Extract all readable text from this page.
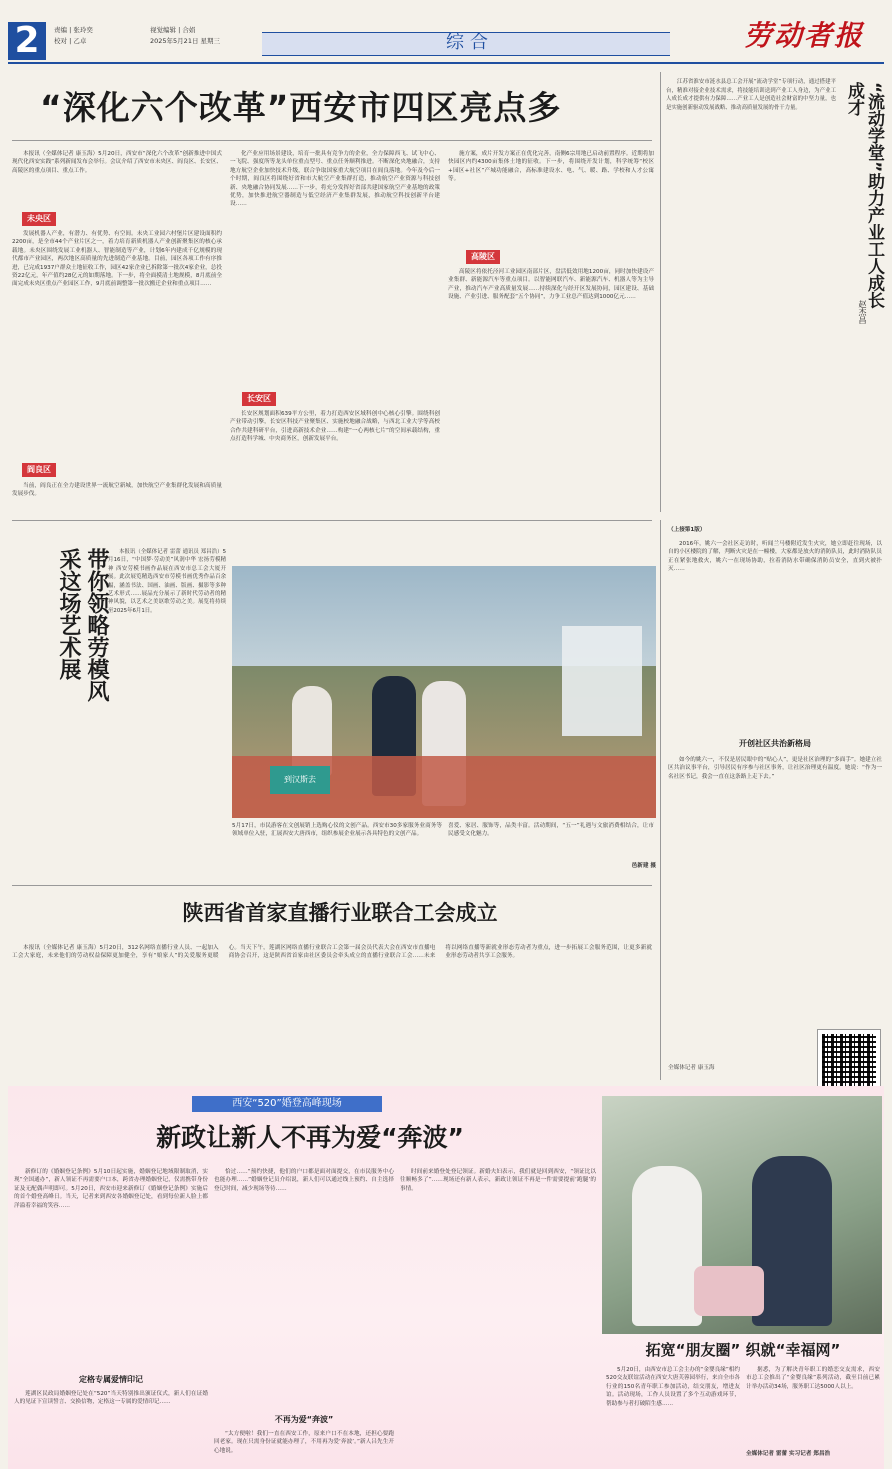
2	责编 | 张玲奕
校对 | 乙卓
视觉编辑 | 合娟
2025年5月21日 星期三	综合	劳动者报
“深化六个改革”西安市四区亮点多

本报讯（全媒体记者 康玉海）5月20日，西安市“深化六个改革”创新推进中国式现代化西安实践”系列新闻发布会举行。会议介绍了西安市未央区、阎良区、长安区、高陵区的重点项目、重点工作。

未央区

发展机器人产业，有潜力、有优势、有空间。未央工业园六村堡片区建设面积约2200亩，是全市44个产业片区之一，着力培育新质机器人产业创新聚集区的核心承载地。未央区围绕发展工业机器人、智能制造等产业，计划6年内建成千亿规模的现代都市产业园区，两次地区高质量的先进制造产业基地。目前，园区各项工作有序推进，已完成1937户群众土地征收工作，园区42家企业已拆除第一批次4家企业，总投资22亿元，年产值约28亿元的如期落地。下一步，将全面摸清土地规模，8月底前全面完成未央区重点产业园区工作，9月底前调整第一批次搬迁企业和重点项目……

阎良区

当前，阎良正在全力建设世界一流航空新城，加快航空产业集群化发展和高质量发展步伐。

化产业应用场景建设，培育一批具有竞争力的企业，全力保障西飞、试飞中心、一飞院、强度所等龙头单位重点型号、重点任务顺利推进。不断深化央地融合，支持地方航空企业加快技术升级，联合争取国家重大航空项目在阎良落地。今年及今后一个时期，阎良区将围绕好省和市大航空产业集群打造，推动航空产业资源与科技创新、央地融合协同发展……下一步，将充分发挥好省部共建国家航空产业基地的政策优势，加快推进航空器制造与低空经济产业集群发展，推动航空科技创新平台建设……

长安区

长安区规划面积639平方公里，着力打造西安区域科创中心核心引擎。围绕科创产业带动引擎，长安区科技产业聚集区、实施校地融合战略，与西北工业大学等高校合作共建科研平台，引进高新技术企业……构建“一心两核七片”的空间承载结构，重点打造科学城、中央商务区，创新发展平台。

施方案，成片开发方案正在优化完善，南侧6宗用地已启动前置程序。近期将加快园区内约4300亩集体土地的征收。下一步，将围绕开发计划，科学统筹“校区+园区+社区”产城功能融合，高标准建设水、电、气、暖、路、学校和人才公寓等。

高陵区

高陵区将依托泾河工业园区南部片区，盘活低效用地1200亩，同时加快建设产业集群、新能源汽车等重点项目。以智能网联汽车、新能源汽车、机器人等为主导产业，推动汽车产业高质量发展……持续深化与经开区发展协同，园区建设、基础设施、产业引进、服务配套“五个协同”，力争工业总产值达到1000亿元……

江苏省淮安市涟水县总工会开展“流动学堂”专项行动，通过搭建平台，精准对接企业技术需求，将技能培训送到产业工人身边，为产业工人成长成才提供有力保障……产业工人是创造社会财富的中坚力量，也是实施创新驱动发展战略、推动高质量发展的骨干力量。	“流动学堂”助力产业工人成长成才
赵杰昌
带你领略劳模风采这场艺术展	本报讯（全媒体记者 雷蕾 通讯员 郑昌浩）5月16日，“中国梦·劳动美”风润中华 宏扬劳模精神 西安劳模书画作品展在西安市总工会大厦开展。此次展览精选西安市劳模书画优秀作品百余幅，涵盖书法、国画、油画、版画、摄影等多种艺术形式……展品充分展示了新时代劳动者的精神风貌，以艺术之美讴歌劳动之美。展览将持续至2025年6月1日。

到汉斯去
5月17日，市民游客在文创展销上选购心仪的文创产品。西安市30多家服务业商务等领域单位入驻，汇展西安大唐西市，组织参展企业展示各具特色的文创产品。
喜爱、家居、服饰等，品类丰富。活动期间，“五一”礼遇与文旅消费相结合，让市民感受文化魅力。
邑新建 摄
陕西省首家直播行业联合工会成立

本报讯（全媒体记者 康玉海）5月20日，312名网络直播行业人员、一起加入工会大家庭，未来他们的劳动权益保障更加健全，享有“娘家人”的关爱服务更暖心。当天下午，莲湖区网络直播行业联合工会第一届会员代表大会在西安市直播电商协会召开，这是陕西省首家由社区委员会牵头成立的直播行业联合工会……未来将以网络直播等新就业形态劳动者为重点，进一步拓展工会服务范围，让更多新就业形态劳动者共享工会服务。

（上接第1版）

2016年，姚六一会社区走访时，听闻兰马楼附近发生火灾，她立即赶往现场，以自的小区楼院的了解，判断火灾是在一幢楼，大家都是放火的消防队员，此时消防队员正在紧张地救火，姚六一在现场协助，拉着消防水带确保消防员安全，直到火被扑灭……

开创社区共治新格局

如今的姚六一，不仅是居民眼中的“贴心人”，更是社区治理的“多面手”。她建立社区共治议事平台，引导居民有序参与社区事务，让社区治理更有温度。她说：“作为一名社区书记，我会一直在这条路上走下去。”

全媒体记者 康玉海
西安“520”婚登高峰现场
新政让新人不再为爱“奔波”

新修订的《婚姻登记条例》5月10日起实施，婚姻登记地域限制取消，实现“全国通办”，新人领证不再需要户口本，跨省办理婚姻登记，仅需携带身份证及无配偶声明即可。5月20日，西安市迎来新修订《婚姻登记条例》实施后的首个婚登高峰日。当天，记者来到西安各婚姻登记处，看到每位新人脸上都洋溢着幸福的笑容……

定格专属爱情印记

莲湖区民政局婚姻登记处在“520”当天特别推出颁证仪式，新人们在证婚人的见证下宣读誓言、交换信物，定格这一专属的爱情印记……

恰过……“预约快捷，他们的户口都是面对面提交，在市民服务中心也能办理……”婚姻登记员介绍说，新人们可以通过线上预约、自主选择登记时间，减少现场等待……

不再为爱“奔波”

“太方便啦！我们一直在西安工作，原来户口不在本地，还担心要跑回老家。现在只需身份证就能办理了，不用再为爱‘奔波’。”新人吕先生开心地说。

时间前来婚登处登记领证。新婚夫妇表示，我们就是回到西安，“领证比以往顺畅多了”……现场还有新人表示，新政让领证不再是一件需要提前‘跑腿’的事情。

拓宽“朋友圈” 织就“幸福网”

5月20日，由西安市总工会主办的“金婴良缘”相约520交友联谊活动在西安大唐芙蓉园举行，来自全市各行业的150名青年职工参加活动，结交朋友，增进友谊。活动现场，工作人员设置了多个互动游戏环节，帮助参与者打破陌生感……

据悉，为了解决青年职工的婚恋交友需求，西安市总工会推出了“金婴良缘”系列活动，截至目前已累计举办活动34场，服务职工达5000人以上。

全媒体记者 雷蕾 实习记者 郑昌浩
